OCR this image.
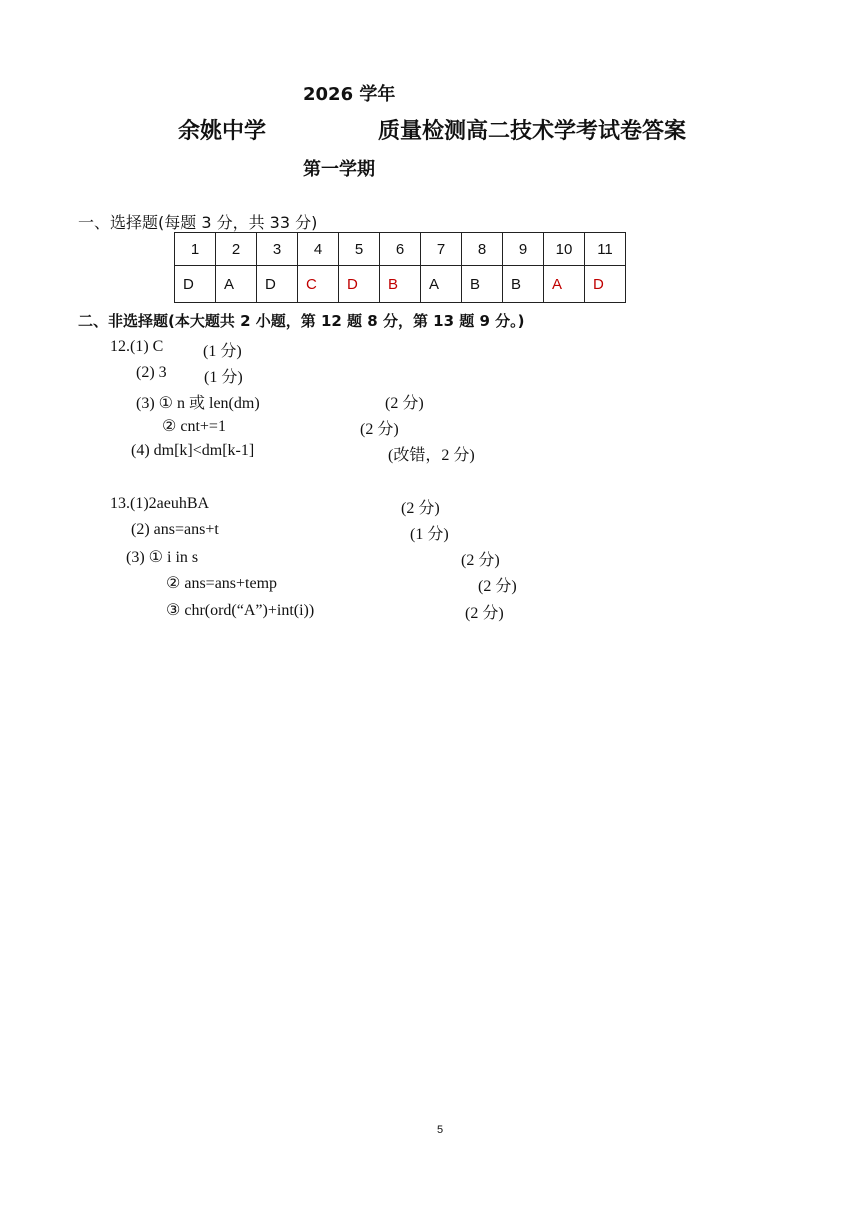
2026 学年
余姚中学	质量检测高二技术学考试卷答案
第一学期
一、选择题(每题 3 分，共 33 分)
1	2	3	4	5	6	7	8	9	10	11
D	A	D	C	D	B	A	B	B	A	D
二、非选择题(本大题共 2 小题，第 12 题 8 分，第 13 题 9 分。)
12.(1) C (1 分)
(2) 3 (1 分)
(3) ① n 或 len(dm)	(2 分)
② cnt+=1	(2 分)
(4) dm[k]<dm[k-1]	(改错，2 分)
13.(1)2aeuhBA	(2 分)
(2) ans=ans+t	(1 分)
(3) ① i in s	(2 分)
② ans=ans+temp	(2 分)
③ chr(ord(“A”)+int(i))	(2 分)
5
